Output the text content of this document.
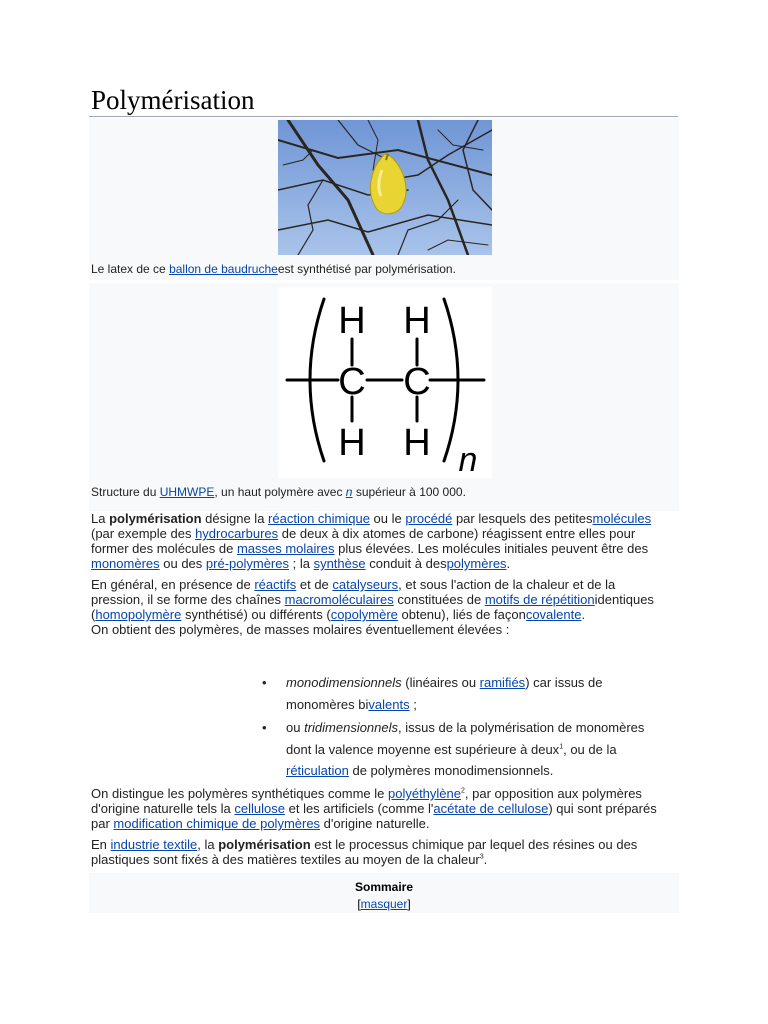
Polymérisation
Le latex de ce ballon de baudrucheest synthétisé par polymérisation.
H H
C C
H H n
Structure du UHMWPE, un haut polymère avec n supérieur à 100 000.

La polymérisation désigne la réaction chimique ou le procédé par lesquels des petitesmolécules (par exemple des hydrocarbures de deux à dix atomes de carbone) réagissent entre elles pour former des molécules de masses molaires plus élevées. Les molécules initiales peuvent être des monomères ou des pré-polymères ; la synthèse conduit à despolymères.

En général, en présence de réactifs et de catalyseurs, et sous l'action de la chaleur et de la pression, il se forme des chaînes macromoléculaires constituées de motifs de répétitionidentiques (homopolymère synthétisé) ou différents (copolymère obtenu), liés de façoncovalente.
On obtient des polymères, de masses molaires éventuellement élevées :

• monodimensionnels (linéaires ou ramifiés) car issus de monomères bivalents ;
• ou tridimensionnels, issus de la polymérisation de monomères dont la valence moyenne est supérieure à deux$^1$, ou de la réticulation de polymères monodimensionnels.

On distingue les polymères synthétiques comme le polyéthylène$^2$, par opposition aux polymères d'origine naturelle tels la cellulose et les artificiels (comme l'acétate de cellulose) qui sont préparés par modification chimique de polymères d'origine naturelle.

En industrie textile, la polymérisation est le processus chimique par lequel des résines ou des plastiques sont fixés à des matières textiles au moyen de la chaleur$^3$.

Sommaire
[masquer]
